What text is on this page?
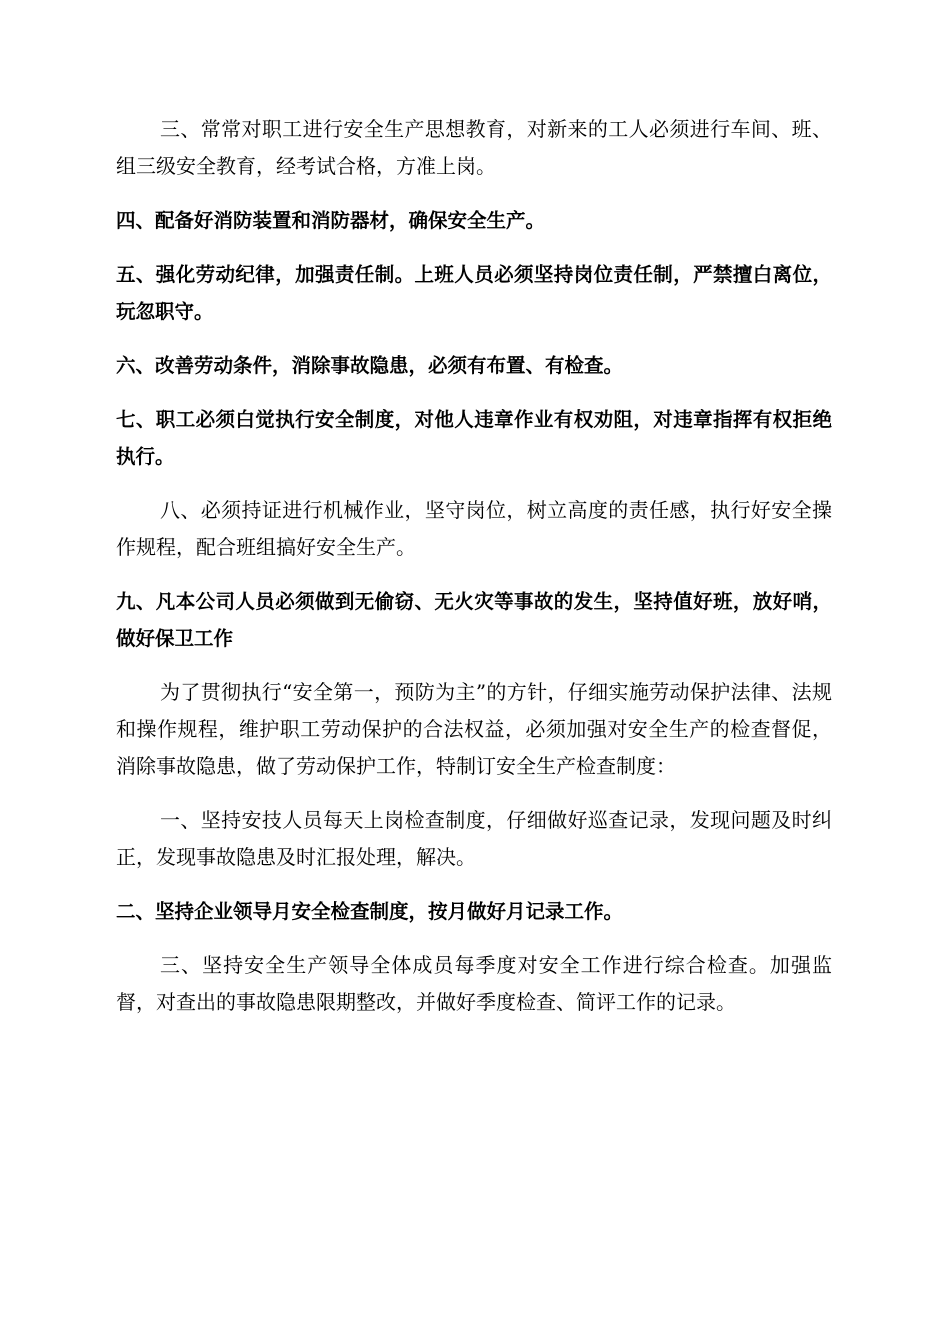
三、常常对职工进行安全生产思想教育，对新来的工人必须进行车间、班、组三级安全教育，经考试合格，方准上岗。

四、配备好消防装置和消防器材，确保安全生产。

五、强化劳动纪律，加强责任制。上班人员必须坚持岗位责任制，严禁擅白离位，玩忽职守。

六、改善劳动条件，消除事故隐患，必须有布置、有检查。

七、职工必须白觉执行安全制度，对他人违章作业有权劝阻，对违章指挥有权拒绝执行。

八、必须持证进行机械作业，坚守岗位，树立高度的责任感，执行好安全操作规程，配合班组搞好安全生产。

九、凡本公司人员必须做到无偷窃、无火灾等事故的发生，坚持值好班，放好哨，做好保卫工作

为了贯彻执行“安全第一，预防为主”的方针，仔细实施劳动保护法律、法规和操作规程，维护职工劳动保护的合法权益，必须加强对安全生产的检查督促，消除事故隐患，做了劳动保护工作，特制订安全生产检查制度：

一、坚持安技人员每天上岗检查制度，仔细做好巡查记录，发现问题及时纠正，发现事故隐患及时汇报处理，解决。

二、坚持企业领导月安全检查制度，按月做好月记录工作。

三、坚持安全生产领导全体成员每季度对安全工作进行综合检查。加强监督，对查出的事故隐患限期整改，并做好季度检查、简评工作的记录。
